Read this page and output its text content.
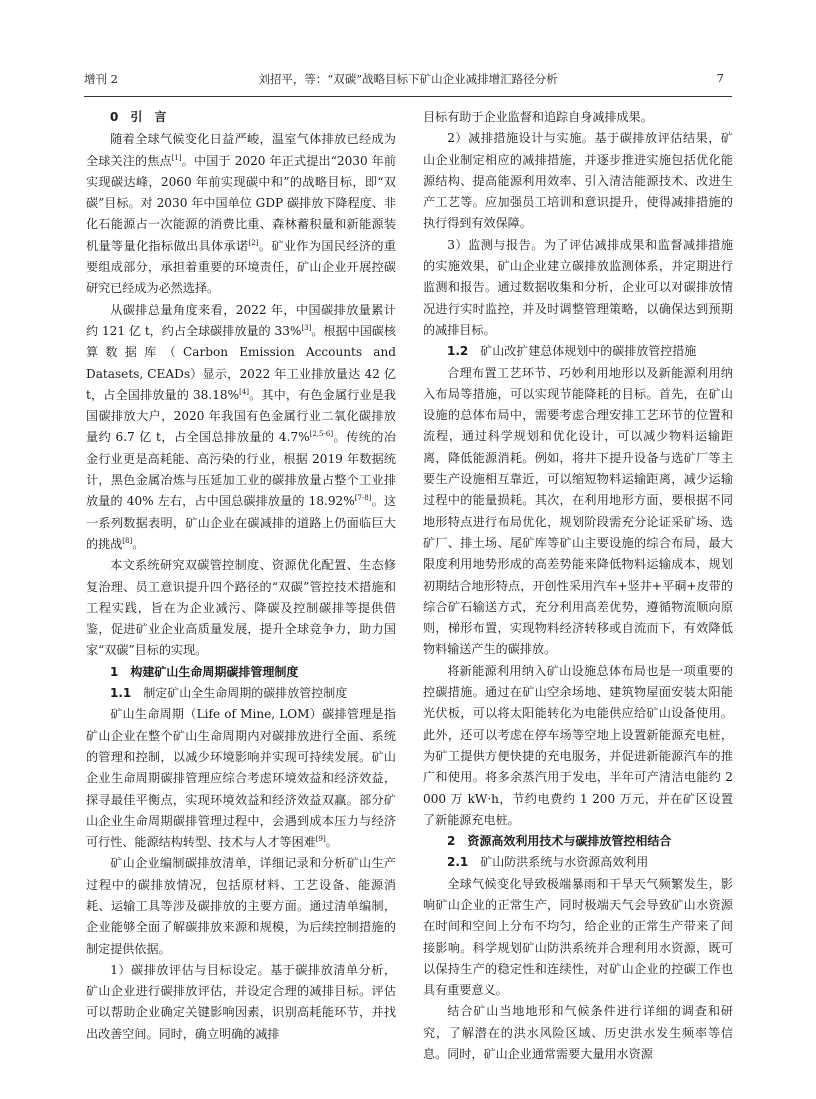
增刊 2	刘招平，等：“双碳”战略目标下矿山企业减排增汇路径分析	7

0 引　言

随着全球气候变化日益严峻，温室气体排放已经成为全球关注的焦点[1]。中国于 2020 年正式提出“2030 年前实现碳达峰，2060 年前实现碳中和”的战略目标，即“双碳”目标。对 2030 年中国单位 GDP 碳排放下降程度、非化石能源占一次能源的消费比重、森林蓄积量和新能源装机量等量化指标做出具体承诺[2]。矿业作为国民经济的重要组成部分，承担着重要的环境责任，矿山企业开展控碳研究已经成为必然选择。

从碳排总量角度来看，2022 年，中国碳排放量累计约 121 亿 t，约占全球碳排放量的 33%[3]。根据中国碳核算数据库（Carbon Emission Accounts and Datasets, CEADs）显示，2022 年工业排放量达 42 亿 t，占全国排放量的 38.18%[4]。其中，有色金属行业是我国碳排放大户，2020 年我国有色金属行业二氧化碳排放量约 6.7 亿 t，占全国总排放量的 4.7%[2,5-6]。传统的冶金行业更是高耗能、高污染的行业，根据 2019 年数据统计，黑色金属冶炼与压延加工业的碳排放量占整个工业排放量的 40% 左右，占中国总碳排放量的 18.92%[7-8]。这一系列数据表明，矿山企业在碳减排的道路上仍面临巨大的挑战[8]。

本文系统研究双碳管控制度、资源优化配置、生态修复治理、员工意识提升四个路径的“双碳”管控技术措施和工程实践，旨在为企业减污、降碳及控制碳排等提供借鉴，促进矿业企业高质量发展，提升全球竞争力，助力国家“双碳”目标的实现。

1 构建矿山生命周期碳排管理制度

1.1 制定矿山全生命周期的碳排放管控制度

矿山生命周期（Life of Mine, LOM）碳排管理是指矿山企业在整个矿山生命周期内对碳排放进行全面、系统的管理和控制，以减少环境影响并实现可持续发展。矿山企业生命周期碳排管理应综合考虑环境效益和经济效益，探寻最佳平衡点，实现环境效益和经济效益双赢。部分矿山企业生命周期碳排管理过程中，会遇到成本压力与经济可行性、能源结构转型、技术与人才等困难[9]。

矿山企业编制碳排放清单，详细记录和分析矿山生产过程中的碳排放情况，包括原材料、工艺设备、能源消耗、运输工具等涉及碳排放的主要方面。通过清单编制，企业能够全面了解碳排放来源和规模，为后续控制措施的制定提供依据。

1）碳排放评估与目标设定。基于碳排放清单分析，矿山企业进行碳排放评估，并设定合理的减排目标。评估可以帮助企业确定关键影响因素，识别高耗能环节，并找出改善空间。同时，确立明确的减排

目标有助于企业监督和追踪自身减排成果。

2）减排措施设计与实施。基于碳排放评估结果，矿山企业制定相应的减排措施，并逐步推进实施包括优化能源结构、提高能源利用效率、引入清洁能源技术、改进生产工艺等。应加强员工培训和意识提升，使得减排措施的执行得到有效保障。

3）监测与报告。为了评估减排成果和监督减排措施的实施效果，矿山企业建立碳排放监测体系，并定期进行监测和报告。通过数据收集和分析，企业可以对碳排放情况进行实时监控，并及时调整管理策略，以确保达到预期的减排目标。

1.2 矿山改扩建总体规划中的碳排放管控措施

合理布置工艺环节、巧妙利用地形以及新能源利用纳入布局等措施，可以实现节能降耗的目标。首先，在矿山设施的总体布局中，需要考虑合理安排工艺环节的位置和流程，通过科学规划和优化设计，可以减少物料运输距离，降低能源消耗。例如，将井下提升设备与选矿厂等主要生产设施相互靠近，可以缩短物料运输距离，减少运输过程中的能量损耗。其次，在利用地形方面，要根据不同地形特点进行布局优化，规划阶段需充分论证采矿场、选矿厂、排土场、尾矿库等矿山主要设施的综合布局，最大限度利用地势形成的高差势能来降低物料运输成本，规划初期结合地形特点，开创性采用汽车+竖井+平硐+皮带的综合矿石输送方式，充分利用高差优势，遵循物流顺向原则，梯形布置，实现物料经济转移或自流而下，有效降低物料输送产生的碳排放。

将新能源利用纳入矿山设施总体布局也是一项重要的控碳措施。通过在矿山空余场地、建筑物屋面安装太阳能光伏板，可以将太阳能转化为电能供应给矿山设备使用。此外，还可以考虑在停车场等空地上设置新能源充电桩，为矿工提供方便快捷的充电服务，并促进新能源汽车的推广和使用。将多余蒸汽用于发电，半年可产清洁电能约 2 000 万 kW·h，节约电费约 1 200 万元，并在矿区设置了新能源充电桩。

2 资源高效利用技术与碳排放管控相结合

2.1 矿山防洪系统与水资源高效利用

全球气候变化导致极端暴雨和干旱天气频繁发生，影响矿山企业的正常生产，同时极端天气会导致矿山水资源在时间和空间上分布不均匀，给企业的正常生产带来了间接影响。科学规划矿山防洪系统并合理利用水资源，既可以保持生产的稳定性和连续性，对矿山企业的控碳工作也具有重要意义。

结合矿山当地地形和气候条件进行详细的调查和研究，了解潜在的洪水风险区域、历史洪水发生频率等信息。同时，矿山企业通常需要大量用水资源
